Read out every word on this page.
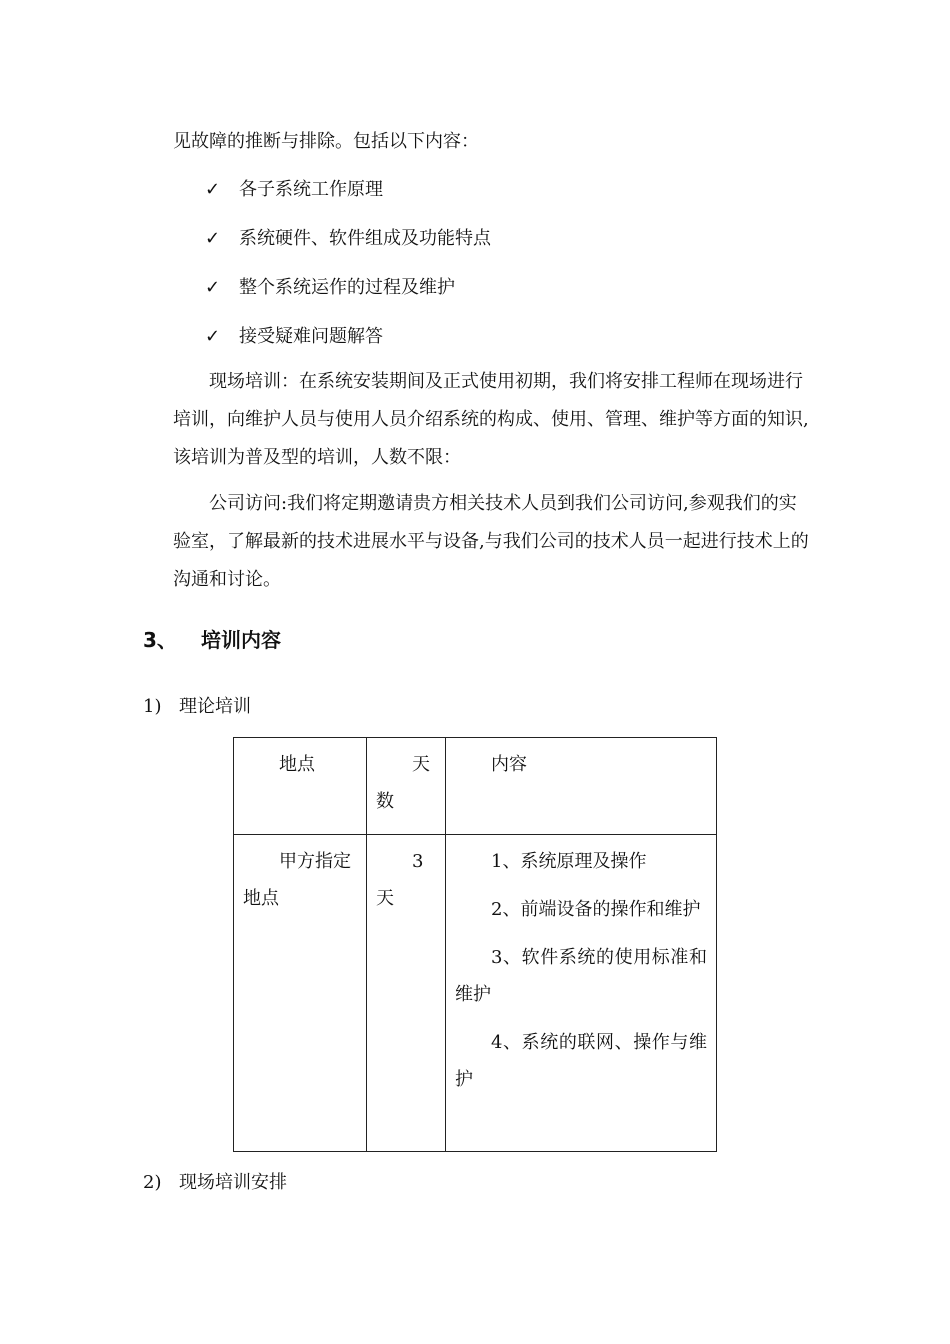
见故障的推断与排除。包括以下内容：
✓ 各子系统工作原理
✓ 系统硬件、软件组成及功能特点
✓ 整个系统运作的过程及维护
✓ 接受疑难问题解答
现场培训：在系统安装期间及正式使用初期，我们将安排工程师在现场进行培训，向维护人员与使用人员介绍系统的构成、使用、管理、维护等方面的知识,该培训为普及型的培训，人数不限：
公司访问:我们将定期邀请贵方相关技术人员到我们公司访问,参观我们的实验室，了解最新的技术进展水平与设备,与我们公司的技术人员一起进行技术上的沟通和讨论。
3、 培训内容
1) 理论培训
地点	天数	内容

甲方指定地点	3 天	1、系统原理及操作

2、前端设备的操作和维护

3、软件系统的使用标准和维护

4、系统的联网、操作与维护

2) 现场培训安排
